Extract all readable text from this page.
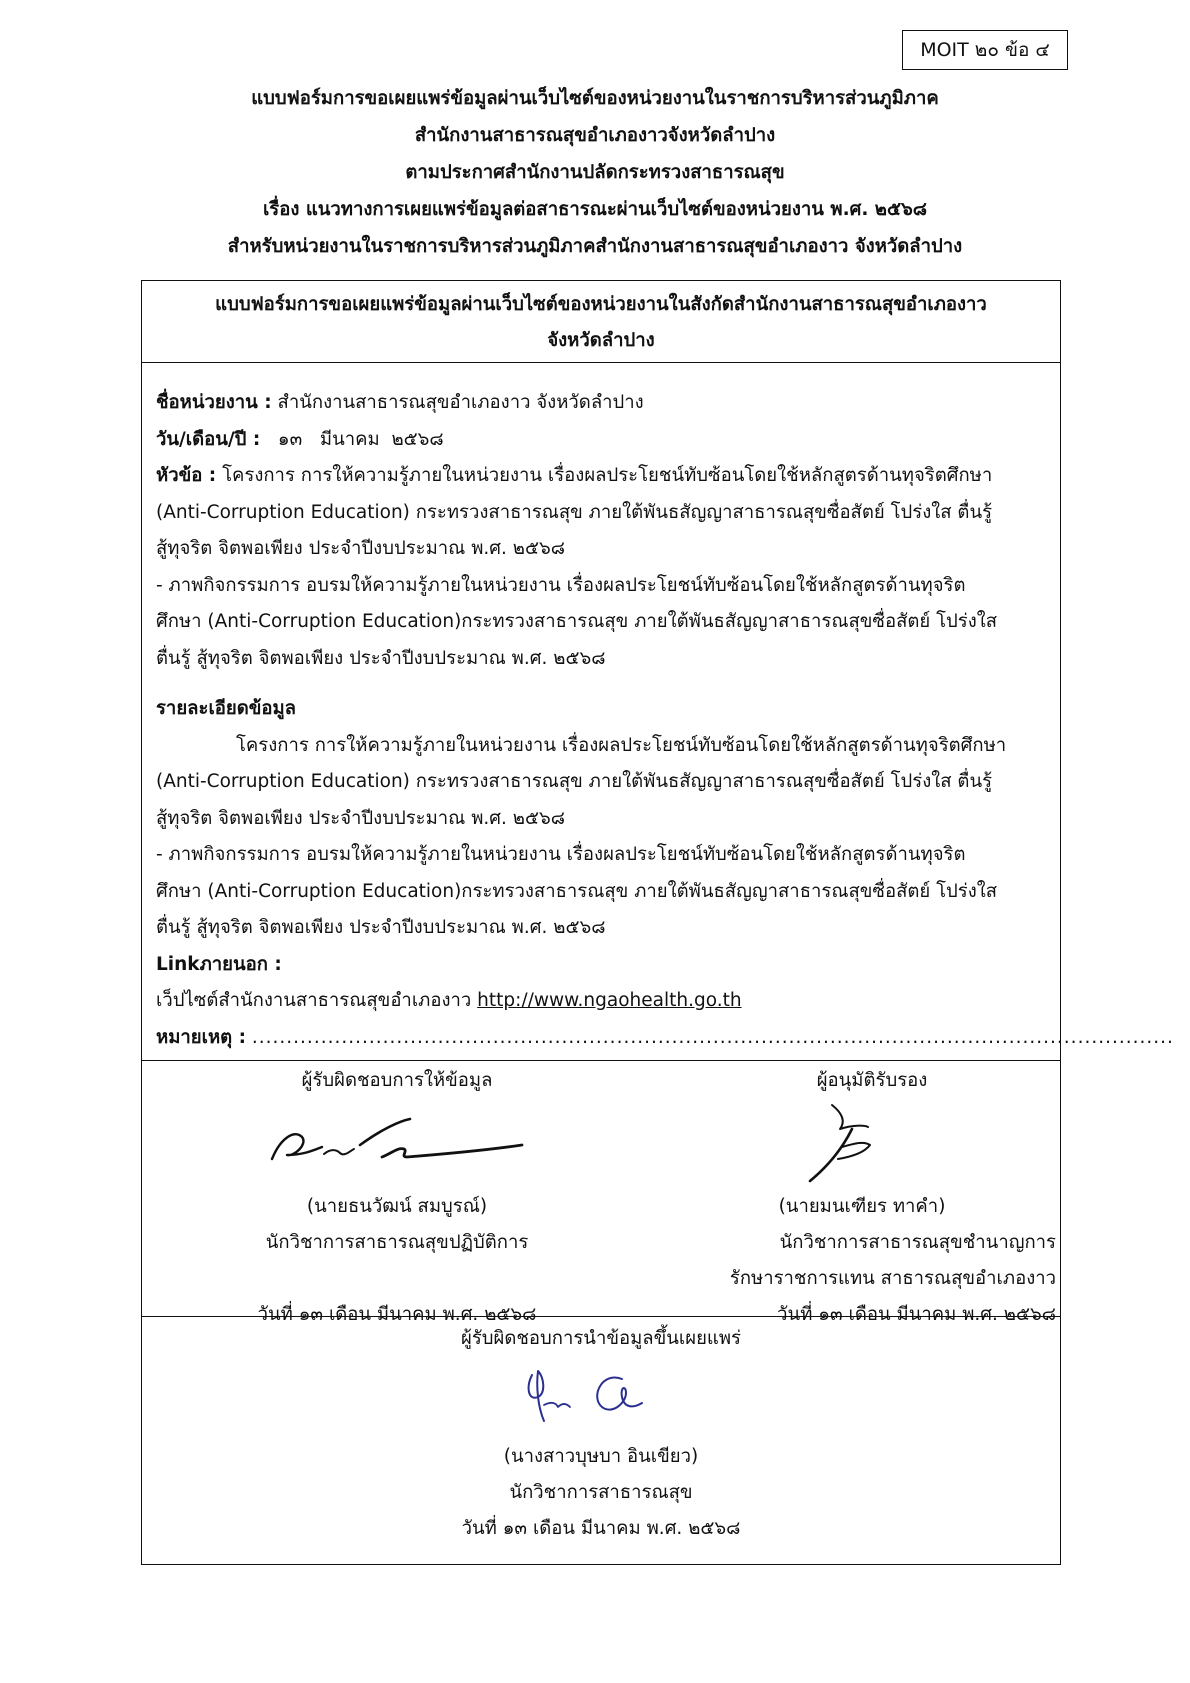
MOIT ๒๐ ข้อ ๔
แบบฟอร์มการขอเผยแพร่ข้อมูลผ่านเว็บไซต์ของหน่วยงานในราชการบริหารส่วนภูมิภาค
สำนักงานสาธารณสุขอำเภองาวจังหวัดลำปาง
ตามประกาศสำนักงานปลัดกระทรวงสาธารณสุข
เรื่อง แนวทางการเผยแพร่ข้อมูลต่อสาธารณะผ่านเว็บไซต์ของหน่วยงาน พ.ศ. ๒๕๖๘
สำหรับหน่วยงานในราชการบริหารส่วนภูมิภาคสำนักงานสาธารณสุขอำเภองาว จังหวัดลำปาง
แบบฟอร์มการขอเผยแพร่ข้อมูลผ่านเว็บไซต์ของหน่วยงานในสังกัดสำนักงานสาธารณสุขอำเภองาว
จังหวัดลำปาง
ชื่อหน่วยงาน : สำนักงานสาธารณสุขอำเภองาว จังหวัดลำปาง
วัน/เดือน/ปี :   ๑๓   มีนาคม  ๒๕๖๘
หัวข้อ : โครงการ การให้ความรู้ภายในหน่วยงาน เรื่องผลประโยชน์ทับซ้อนโดยใช้หลักสูตรด้านทุจริตศึกษา
(Anti-Corruption Education) กระทรวงสาธารณสุข ภายใต้พันธสัญญาสาธารณสุขซื่อสัตย์ โปร่งใส ตื่นรู้
สู้ทุจริต จิตพอเพียง ประจำปีงบประมาณ พ.ศ. ๒๕๖๘
- ภาพกิจกรรมการ อบรมให้ความรู้ภายในหน่วยงาน เรื่องผลประโยชน์ทับซ้อนโดยใช้หลักสูตรด้านทุจริต
ศึกษา (Anti-Corruption Education)กระทรวงสาธารณสุข ภายใต้พันธสัญญาสาธารณสุขซื่อสัตย์ โปร่งใส
ตื่นรู้ สู้ทุจริต จิตพอเพียง ประจำปีงบประมาณ พ.ศ. ๒๕๖๘
รายละเอียดข้อมูล
โครงการ การให้ความรู้ภายในหน่วยงาน เรื่องผลประโยชน์ทับซ้อนโดยใช้หลักสูตรด้านทุจริตศึกษา
(Anti-Corruption Education) กระทรวงสาธารณสุข ภายใต้พันธสัญญาสาธารณสุขซื่อสัตย์ โปร่งใส ตื่นรู้
สู้ทุจริต จิตพอเพียง ประจำปีงบประมาณ พ.ศ. ๒๕๖๘
- ภาพกิจกรรมการ อบรมให้ความรู้ภายในหน่วยงาน เรื่องผลประโยชน์ทับซ้อนโดยใช้หลักสูตรด้านทุจริต
ศึกษา (Anti-Corruption Education)กระทรวงสาธารณสุข ภายใต้พันธสัญญาสาธารณสุขซื่อสัตย์ โปร่งใส
ตื่นรู้ สู้ทุจริต จิตพอเพียง ประจำปีงบประมาณ พ.ศ. ๒๕๖๘
Linkภายนอก :
เว็ปไซต์สำนักงานสาธารณสุขอำเภองาว http://www.ngaohealth.go.th
หมายเหตุ : ......................................................................................................................................
ผู้รับผิดชอบการให้ข้อมูล
(นายธนวัฒน์ สมบูรณ์)
นักวิชาการสาธารณสุขปฏิบัติการ
วันที่ ๑๓ เดือน มีนาคม พ.ศ. ๒๕๖๘
ผู้อนุมัติรับรอง
(นายมนเฑียร ทาคำ)
นักวิชาการสาธารณสุขชำนาญการ
รักษาราชการแทน สาธารณสุขอำเภองาว
วันที่ ๑๓ เดือน มีนาคม พ.ศ. ๒๕๖๘
ผู้รับผิดชอบการนำข้อมูลขึ้นเผยแพร่
(นางสาวบุษบา อินเขียว)
นักวิชาการสาธารณสุข
วันที่ ๑๓ เดือน มีนาคม พ.ศ. ๒๕๖๘
